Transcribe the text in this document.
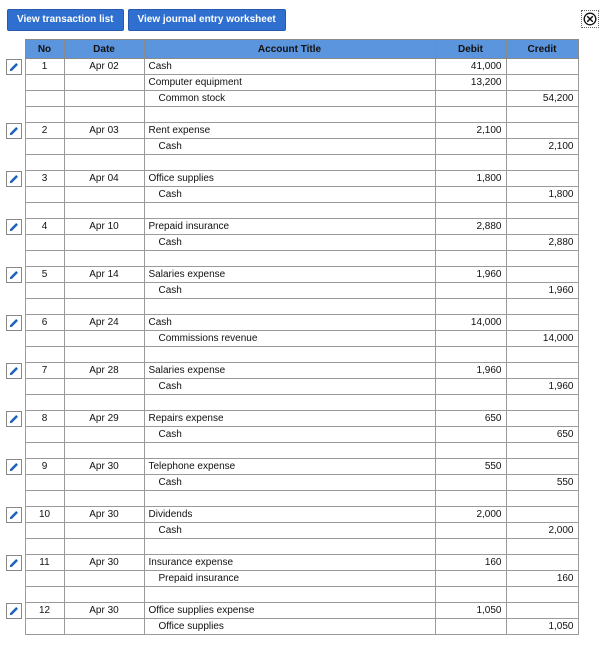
View transaction list	View journal entry worksheet
	No	Date	Account Title	Debit	Credit

	1	Apr 02	Cash	41,000	
			Computer equipment	13,200	
			Common stock		54,200

	2	Apr 03	Rent expense	2,100	
			Cash		2,100

	3	Apr 04	Office supplies	1,800	
			Cash		1,800

	4	Apr 10	Prepaid insurance	2,880	
			Cash		2,880

	5	Apr 14	Salaries expense	1,960	
			Cash		1,960

	6	Apr 24	Cash	14,000	
			Commissions revenue		14,000

	7	Apr 28	Salaries expense	1,960	
			Cash		1,960

	8	Apr 29	Repairs expense	650	
			Cash		650

	9	Apr 30	Telephone expense	550	
			Cash		550

	10	Apr 30	Dividends	2,000	
			Cash		2,000

	11	Apr 30	Insurance expense	160	
			Prepaid insurance		160

	12	Apr 30	Office supplies expense	1,050	
			Office supplies		1,050
